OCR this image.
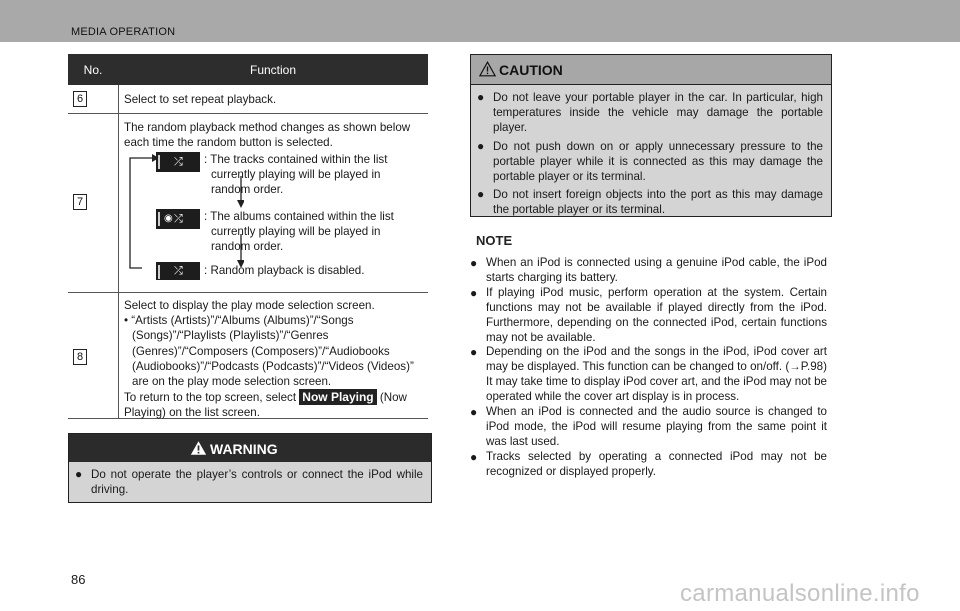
MEDIA OPERATION
No.	Function
6	Select to set repeat playback.
7
The random playback method changes as shown below each time the random button is selected.
⤮ : The tracks contained within the list
currently playing will be played in
random order.
◉ ⤮ : The albums contained within the list
currently playing will be played in
random order.
⤮ : Random playback is disabled.
8
Select to display the play mode selection screen.
• “Artists (Artists)”/“Albums (Albums)”/“Songs
(Songs)”/“Playlists (Playlists)”/“Genres
(Genres)”/“Composers (Composers)”/“Audiobooks
(Audiobooks)”/“Podcasts (Podcasts)”/“Videos (Videos)”
are on the play mode selection screen.
To return to the top screen, select Now Playing (Now Playing) on the list screen.
WARNING
● Do not operate the player’s controls or connect the iPod while driving.
CAUTION
● Do not leave your portable player in the car. In particular, high temperatures inside the vehicle may damage the portable player.
● Do not push down on or apply unnecessary pressure to the portable player while it is connected as this may damage the portable player or its terminal.
● Do not insert foreign objects into the port as this may damage the portable player or its terminal.
NOTE
● When an iPod is connected using a genuine iPod cable, the iPod starts charging its battery.
● If playing iPod music, perform operation at the system. Certain functions may not be available if played directly from the iPod. Furthermore, depending on the connected iPod, certain functions may not be available.
● Depending on the iPod and the songs in the iPod, iPod cover art may be displayed. This function can be changed to on/off. (→P.98) It may take time to display iPod cover art, and the iPod may not be operated while the cover art display is in process.
● When an iPod is connected and the audio source is changed to iPod mode, the iPod will resume playing from the same point it was last used.
● Tracks selected by operating a connected iPod may not be recognized or displayed properly.
86
carmanualsonline.info
